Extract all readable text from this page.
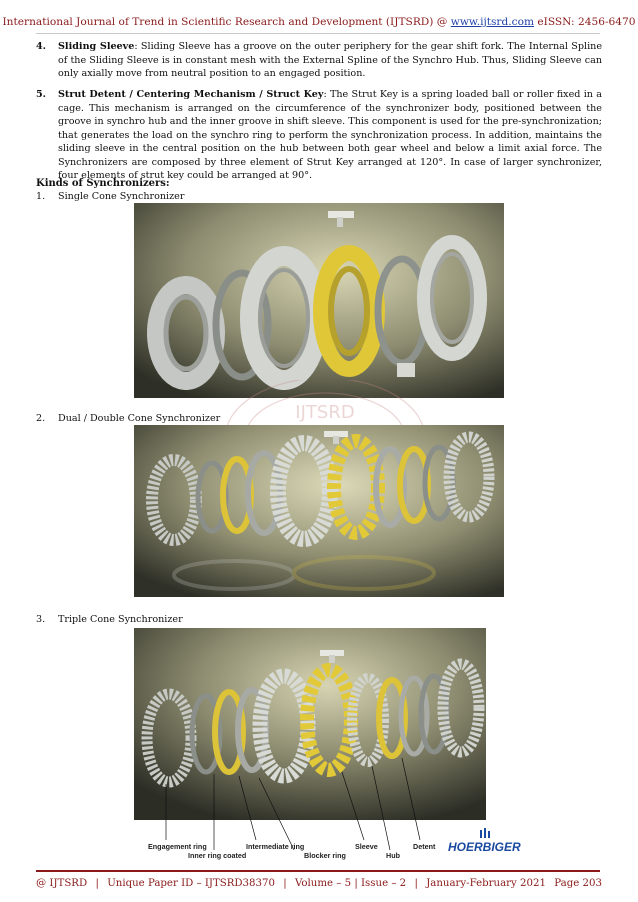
International Journal of Trend in Scientific Research and Development (IJTSRD) @ www.ijtsrd.com eISSN: 2456-6470
4. Sliding Sleeve: Sliding Sleeve has a groove on the outer periphery for the gear shift fork. The Internal Spline of the Sliding Sleeve is in constant mesh with the External Spline of the Synchro Hub. Thus, Sliding Sleeve can only axially move from neutral position to an engaged position.
5. Strut Detent / Centering Mechanism / Struct Key: The Strut Key is a spring loaded ball or roller fixed in a cage. This mechanism is arranged on the circumference of the synchronizer body, positioned between the groove in synchro hub and the inner groove in shift sleeve. This component is used for the pre-synchronization; that generates the load on the synchro ring to perform the synchronization process. In addition, maintains the sliding sleeve in the central position on the hub between both gear wheel and below a limit axial force. The Synchronizers are composed by three element of Strut Key arranged at 120°. In case of larger synchronizer, four elements of strut key could be arranged at 90°.
Kinds of Synchronizers:
1. Single Cone Synchronizer
IJTSRD
2. Dual / Double Cone Synchronizer
3. Triple Cone Synchronizer
Engagement ring
Inner ring coated
Intermediate ring
Blocker ring
Sleeve
Hub
Detent HOERBIGER
@ IJTSRD | Unique Paper ID – IJTSRD38370 | Volume – 5 | Issue – 2 | January-February 2021 Page 203
